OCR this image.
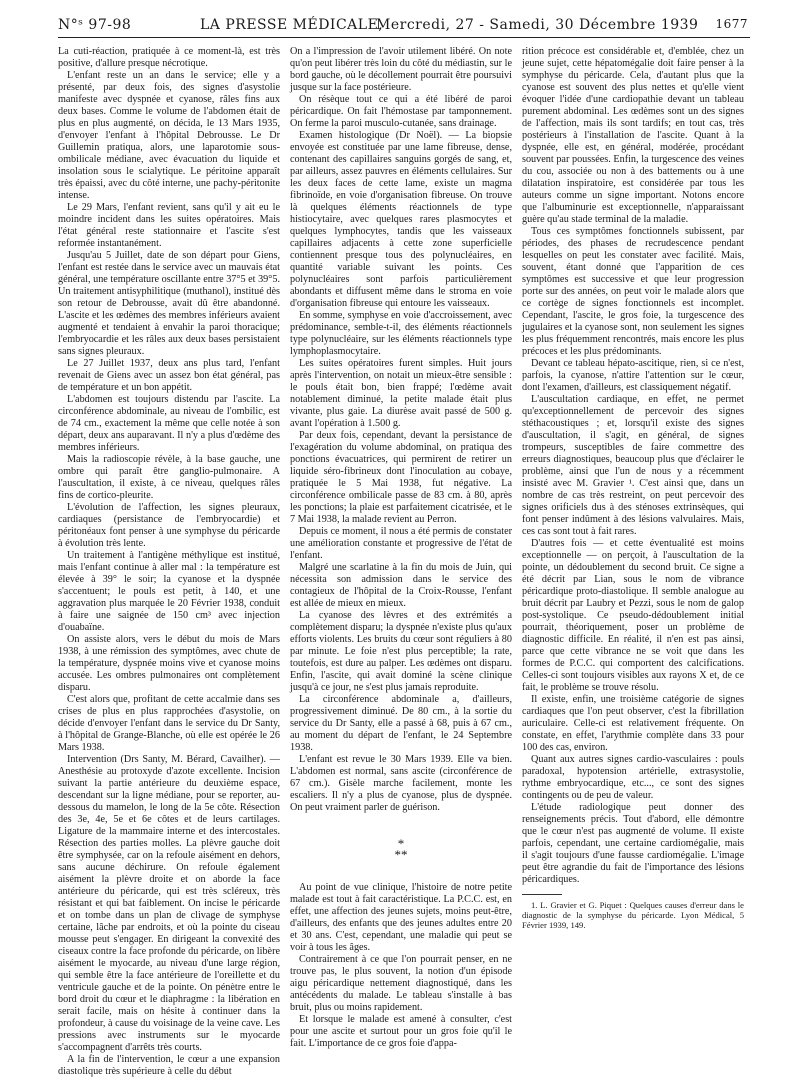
N°ˢ 97-98	LA PRESSE MÉDICALE,
Mercredi, 27 - Samedi, 30 Décembre 1939 1677

La cuti-réaction, pratiquée à ce moment-là, est très positive, d'allure presque nécrotique.

L'enfant reste un an dans le service; elle y a présenté, par deux fois, des signes d'asystolie manifeste avec dyspnée et cyanose, râles fins aux deux bases. Comme le volume de l'abdomen était de plus en plus augmenté, on décida, le 13 Mars 1935, d'envoyer l'enfant à l'hôpital Debrousse. Le Dr Guillemin pratiqua, alors, une laparotomie sous-ombilicale médiane, avec évacuation du liquide et insolation sous le scialytique. Le péritoine apparaît très épaissi, avec du côté interne, une pachy-péritonite intense.

Le 29 Mars, l'enfant revient, sans qu'il y ait eu le moindre incident dans les suites opératoires. Mais l'état général reste stationnaire et l'ascite s'est reformée instantanément.

Jusqu'au 5 Juillet, date de son départ pour Giens, l'enfant est restée dans le service avec un mauvais état général, une température oscillante entre 37°5 et 39°5. Un traitement antisyphilitique (muthanol), institué dès son retour de Debrousse, avait dû être abandonné. L'ascite et les œdèmes des membres inférieurs avaient augmenté et tendaient à envahir la paroi thoracique; l'embryocardie et les râles aux deux bases persistaient sans signes pleuraux.

Le 27 Juillet 1937, deux ans plus tard, l'enfant revenait de Giens avec un assez bon état général, pas de température et un bon appétit.

L'abdomen est toujours distendu par l'ascite. La circonférence abdominale, au niveau de l'ombilic, est de 74 cm., exactement la même que celle notée à son départ, deux ans auparavant. Il n'y a plus d'œdème des membres inférieurs.

Mais la radioscopie révèle, à la base gauche, une ombre qui paraît être ganglio-pulmonaire. A l'auscultation, il existe, à ce niveau, quelques râles fins de cortico-pleurite.

L'évolution de l'affection, les signes pleuraux, cardiaques (persistance de l'embryocardie) et péritonéaux font penser à une symphyse du péricarde à évolution très lente.

Un traitement à l'antigène méthylique est institué, mais l'enfant continue à aller mal : la température est élevée à 39° le soir; la cyanose et la dyspnée s'accentuent; le pouls est petit, à 140, et une aggravation plus marquée le 20 Février 1938, conduit à faire une saignée de 150 cm³ avec injection d'ouabaïne.

On assiste alors, vers le début du mois de Mars 1938, à une rémission des symptômes, avec chute de la température, dyspnée moins vive et cyanose moins accusée. Les ombres pulmonaires ont complètement disparu.

C'est alors que, profitant de cette accalmie dans ses crises de plus en plus rapprochées d'asystolie, on décide d'envoyer l'enfant dans le service du Dr Santy, à l'hôpital de Grange-Blanche, où elle est opérée le 26 Mars 1938.

Intervention (Drs Santy, M. Bérard, Cavailher). — Anesthésie au protoxyde d'azote excellente. Incision suivant la partie antérieure du deuxième espace, descendant sur la ligne médiane, pour se reporter, au-dessous du mamelon, le long de la 5e côte. Résection des 3e, 4e, 5e et 6e côtes et de leurs cartilages. Ligature de la mammaire interne et des intercostales. Résection des parties molles. La plèvre gauche doit être symphysée, car on la refoule aisément en dehors, sans aucune déchirure. On refoule également aisément la plèvre droite et on aborde la face antérieure du péricarde, qui est très scléreux, très résistant et qui bat faiblement. On incise le péricarde et on tombe dans un plan de clivage de symphyse certaine, lâche par endroits, et où la pointe du ciseau mousse peut s'engager. En dirigeant la convexité des ciseaux contre la face profonde du péricarde, on libère aisément le myocarde, au niveau d'une large région, qui semble être la face antérieure de l'oreillette et du ventricule gauche et de la pointe. On pénètre entre le bord droit du cœur et le diaphragme : la libération en serait facile, mais on hésite à continuer dans la profondeur, à cause du voisinage de la veine cave. Les pressions avec instruments sur le myocarde s'accompagnent d'arrêts très courts.

A la fin de l'intervention, le cœur a une expansion diastolique très supérieure à celle du début

On a l'impression de l'avoir utilement libéré. On note qu'on peut libérer très loin du côté du médiastin, sur le bord gauche, où le décollement pourrait être poursuivi jusque sur la face postérieure.

On résèque tout ce qui a été libéré de paroi péricardique. On fait l'hémostase par tamponnement. On ferme la paroi musculo-cutanée, sans drainage.

Examen histologique (Dr Noël). — La biopsie envoyée est constituée par une lame fibreuse, dense, contenant des capillaires sanguins gorgés de sang, et, par ailleurs, assez pauvres en éléments cellulaires. Sur les deux faces de cette lame, existe un magma fibrinoïde, en voie d'organisation fibreuse. On trouve là quelques éléments réactionnels de type histiocytaire, avec quelques rares plasmocytes et quelques lymphocytes, tandis que les vaisseaux capillaires adjacents à cette zone superficielle contiennent presque tous des polynucléaires, en quantité variable suivant les points. Ces polynucléaires sont parfois particulièrement abondants et diffusent même dans le stroma en voie d'organisation fibreuse qui entoure les vaisseaux.

En somme, symphyse en voie d'accroissement, avec prédominance, semble-t-il, des éléments réactionnels type polynucléaire, sur les éléments réactionnels type lymphoplasmocytaire.

Les suites opératoires furent simples. Huit jours après l'intervention, on notait un mieux-être sensible : le pouls était bon, bien frappé; l'œdème avait notablement diminué, la petite malade était plus vivante, plus gaie. La diurèse avait passé de 500 g. avant l'opération à 1.500 g.

Par deux fois, cependant, devant la persistance de l'exagération du volume abdominal, on pratiqua des ponctions évacuatrices, qui permirent de retirer un liquide séro-fibrineux dont l'inoculation au cobaye, pratiquée le 5 Mai 1938, fut négative. La circonférence ombilicale passe de 83 cm. à 80, après les ponctions; la plaie est parfaitement cicatrisée, et le 7 Mai 1938, la malade revient au Perron.

Depuis ce moment, il nous a été permis de constater une amélioration constante et progressive de l'état de l'enfant.

Malgré une scarlatine à la fin du mois de Juin, qui nécessita son admission dans le service des contagieux de l'hôpital de la Croix-Rousse, l'enfant est allée de mieux en mieux.

La cyanose des lèvres et des extrémités a complètement disparu; la dyspnée n'existe plus qu'aux efforts violents. Les bruits du cœur sont réguliers à 80 par minute. Le foie n'est plus perceptible; la rate, toutefois, est dure au palper. Les œdèmes ont disparu. Enfin, l'ascite, qui avait dominé la scène clinique jusqu'à ce jour, ne s'est plus jamais reproduite.

La circonférence abdominale a, d'ailleurs, progressivement diminué. De 80 cm., à la sortie du service du Dr Santy, elle a passé à 68, puis à 67 cm., au moment du départ de l'enfant, le 24 Septembre 1938.

L'enfant est revue le 30 Mars 1939. Elle va bien. L'abdomen est normal, sans ascite (circonférence de 67 cm.). Gisèle marche facilement, monte les escaliers. Il n'y a plus de cyanose, plus de dyspnée. On peut vraiment parler de guérison.

*
**

Au point de vue clinique, l'histoire de notre petite malade est tout à fait caractéristique. La P.C.C. est, en effet, une affection des jeunes sujets, moins peut-être, d'ailleurs, des enfants que des jeunes adultes entre 20 et 30 ans. C'est, cependant, une maladie qui peut se voir à tous les âges.

Contrairement à ce que l'on pourrait penser, en ne trouve pas, le plus souvent, la notion d'un épisode aigu péricardique nettement diagnostiqué, dans les antécédents du malade. Le tableau s'installe à bas bruit, plus ou moins rapidement.

Et lorsque le malade est amené à consulter, c'est pour une ascite et surtout pour un gros foie qu'il le fait. L'importance de ce gros foie d'appa-

rition précoce est considérable et, d'emblée, chez un jeune sujet, cette hépatomégalie doit faire penser à la symphyse du péricarde. Cela, d'autant plus que la cyanose est souvent des plus nettes et qu'elle vient évoquer l'idée d'une cardiopathie devant un tableau purement abdominal. Les œdèmes sont un des signes de l'affection, mais ils sont tardifs; en tout cas, très postérieurs à l'installation de l'ascite. Quant à la dyspnée, elle est, en général, modérée, procédant souvent par poussées. Enfin, la turgescence des veines du cou, associée ou non à des battements ou à une dilatation inspiratoire, est considérée par tous les auteurs comme un signe important. Notons encore que l'albuminurie est exceptionnelle, n'apparaissant guère qu'au stade terminal de la maladie.

Tous ces symptômes fonctionnels subissent, par périodes, des phases de recrudescence pendant lesquelles on peut les constater avec facilité. Mais, souvent, étant donné que l'apparition de ces symptômes est successive et que leur progression porte sur des années, on peut voir le malade alors que ce cortège de signes fonctionnels est incomplet. Cependant, l'ascite, le gros foie, la turgescence des jugulaires et la cyanose sont, non seulement les signes les plus fréquemment rencontrés, mais encore les plus précoces et les plus prédominants.

Devant ce tableau hépato-ascitique, rien, si ce n'est, parfois, la cyanose, n'attire l'attention sur le cœur, dont l'examen, d'ailleurs, est classiquement négatif.

L'auscultation cardiaque, en effet, ne permet qu'exceptionnellement de percevoir des signes stéthacoustiques ; et, lorsqu'il existe des signes d'auscultation, il s'agit, en général, de signes trompeurs, susceptibles de faire commettre des erreurs diagnostiques, beaucoup plus que d'éclairer le problème, ainsi que l'un de nous y a récemment insisté avec M. Gravier ¹. C'est ainsi que, dans un nombre de cas très restreint, on peut percevoir des signes orificiels dus à des sténoses extrinsèques, qui font penser indûment à des lésions valvulaires. Mais, ces cas sont tout à fait rares.

D'autres fois — et cette éventualité est moins exceptionnelle — on perçoit, à l'auscultation de la pointe, un dédoublement du second bruit. Ce signe a été décrit par Lian, sous le nom de vibrance péricardique proto-diastolique. Il semble analogue au bruit décrit par Laubry et Pezzi, sous le nom de galop post-systolique. Ce pseudo-dédoublement initial pourrait, théoriquement, poser un problème de diagnostic difficile. En réalité, il n'en est pas ainsi, parce que cette vibrance ne se voit que dans les formes de P.C.C. qui comportent des calcifications. Celles-ci sont toujours visibles aux rayons X et, de ce fait, le problème se trouve résolu.

Il existe, enfin, une troisième catégorie de signes cardiaques que l'on peut observer, c'est la fibrillation auriculaire. Celle-ci est relativement fréquente. On constate, en effet, l'arythmie complète dans 33 pour 100 des cas, environ.

Quant aux autres signes cardio-vasculaires : pouls paradoxal, hypotension artérielle, extrasystolie, rythme embryocardique, etc..., ce sont des signes contingents ou de peu de valeur.

L'étude radiologique peut donner des renseignements précis. Tout d'abord, elle démontre que le cœur n'est pas augmenté de volume. Il existe parfois, cependant, une certaine cardiomégalie, mais il s'agit toujours d'une fausse cardiomégalie. L'image peut être agrandie du fait de l'importance des lésions péricardiques.

1. L. Gravier et G. Piquet : Quelques causes d'erreur dans le diagnostic de la symphyse du péricarde. Lyon Médical, 5 Février 1939, 149.
